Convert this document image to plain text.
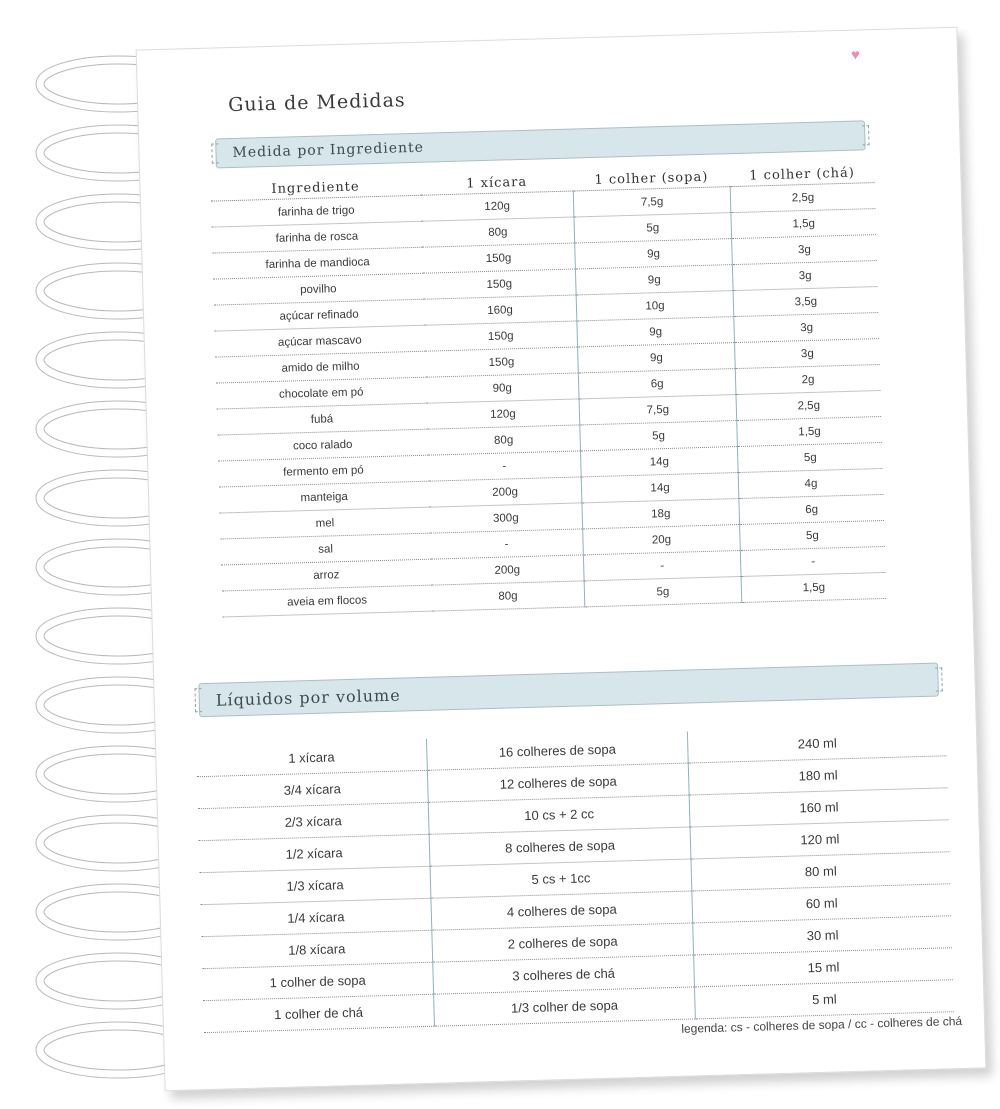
♥
Guia de Medidas
Medida por Ingrediente
Ingrediente	1 xícara	1 colher (sopa)	1 colher (chá)
farinha de trigo	120g	7,5g	2,5g
farinha de rosca	80g	5g	1,5g
farinha de mandioca	150g	9g	3g
povilho	150g	9g	3g
açúcar refinado	160g	10g	3,5g
açúcar mascavo	150g	9g	3g
amido de milho	150g	9g	3g
chocolate em pó	90g	6g	2g
fubá	120g	7,5g	2,5g
coco ralado	80g	5g	1,5g
fermento em pó	-	14g	5g
manteiga	200g	14g	4g
mel	300g	18g	6g
sal	-	20g	5g
arroz	200g	-	-
aveia em flocos	80g	5g	1,5g
Líquidos por volume
1 xícara	16 colheres de sopa	240 ml
3/4 xícara	12 colheres de sopa	180 ml
2/3 xícara	10 cs + 2 cc	160 ml
1/2 xícara	8 colheres de sopa	120 ml
1/3 xícara	5 cs + 1cc	80 ml
1/4 xícara	4 colheres de sopa	60 ml
1/8 xícara	2 colheres de sopa	30 ml
1 colher de sopa	3 colheres de chá	15 ml
1 colher de chá	1/3 colher de sopa	5 ml
legenda: cs - colheres de sopa / cc - colheres de chá
